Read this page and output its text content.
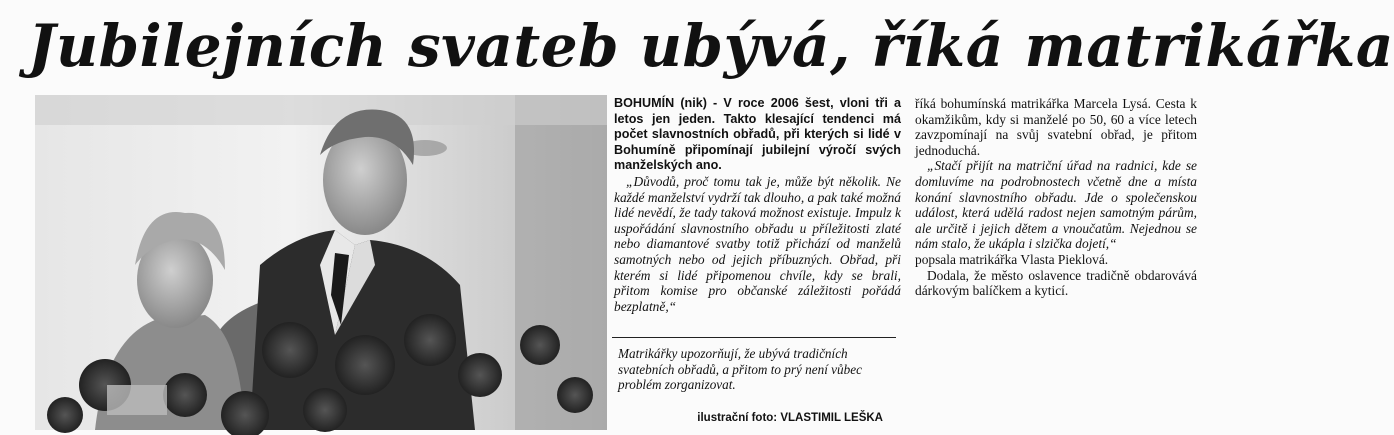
Jubilejních svateb ubývá, říká matrikářka
Matrikářky upozorňují, že ubývá tradičních svatebních obřadů, a přitom to prý není vůbec problém zorganizovat.
ilustrační foto: VLASTIMIL LEŠKA

BOHUMÍN (nik) - V roce 2006 šest, vloni tři a letos jen jeden. Takto klesající tendenci má počet slavnostních obřadů, při kterých si lidé v Bohumíně připomínají jubilejní výročí svých manželských ano.

„Důvodů, proč tomu tak je, může být několik. Ne každé manželství vydrží tak dlouho, a pak také možná lidé nevědí, že tady taková možnost existuje. Impulz k uspořádání slavnostního obřadu u příležitosti zlaté nebo diamantové svatby totiž přichází od manželů samotných nebo od jejich příbuzných. Obřad, při kterém si lidé připomenou chvíle, kdy se brali, přitom komise pro občanské záležitosti pořádá bezplatně,“

říká bohumínská matrikářka Marcela Lysá. Cesta k okamžikům, kdy si manželé po 50, 60 a více letech zavzpomínají na svůj svatební obřad, je přitom jednoduchá.

„Stačí přijít na matriční úřad na radnici, kde se domluvíme na podrobnostech včetně dne a místa konání slavnostního obřadu. Jde o společenskou událost, která udělá radost nejen samotným párům, ale určitě i jejich dětem a vnoučatům. Nejednou se nám stalo, že ukápla i slzička dojetí,“

popsala matrikářka Vlasta Pieklová.

Dodala, že město oslavence tradičně obdarovává dárkovým balíčkem a kyticí.
